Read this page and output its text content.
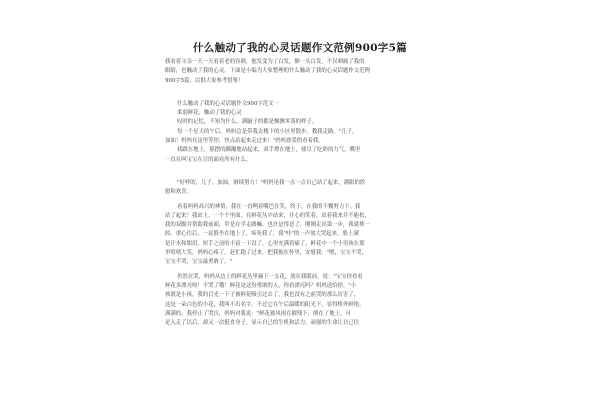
什么触动了我的心灵话题作文范例900字5篇

我看着父亲一天一天看着老的容颜，他发变为了白发，额一头白发，不仅刺痛了我的

眼睛，也触动了我的心灵。下面是小编为大家整理的什么触动了我的心灵话题作文范例

900字5篇，以供大家参考借鉴！

什么触动了我的心灵话题作文900字范文一

柔弱鲜花，触动了我的心灵

叹时的记忆，不知为什么，满脑子的都是飘飘零落的样子。

每一个星天的午后，妈妈总是带我去楼下的小区里散步，教我走路。"儿子，

加油！妈妈在这里等你，快点站起来走过来！"妈妈慈爱的看着我。

我跟在地上，摇摆的蹒跚地站起来，双手撑在地上，使尽了吃奶的力气，嘴里

一直在叫宝宝在目的面看所有什么。

"好样的，儿子，加油，继续努力！"妈妈见我一点一点自己站了起来，满眼的欣

慰和欢喜。

看着妈妈高兴的神情，我在一直咧着嘴巴在笑，终于，在我的不懈努力下，我

站了起来！我站上，一个个里面，在鲜花丛中站来，开心的笑着，站着我来并不能松，

我的双脚并帮助我前面，甲是在学走路嘛，也许是得意了，刚刚走出第一步，我就摔一

跤，重心往后，一屁股坐在地上了，疼死我了，我"哇"的一声放大哭起来，脸上满

是汗水和眼泪，短手之前的丰富一下没了，心里充满着痛了，鲜花中一个小男孩在那

里嘻嘻大笑，妈妈心疼了，赶忙跑了过来，把我抱在怀里，安慰我："嗯，宝宝不哭，

宝宝不哭，宝宝最勇敢了。"

仍然在哭，妈妈从边上的鲜花丛里摘下一支花，放在我眼前，说："宝宝你看看

鲜花多漂亮呀！不哭了哦！鲜花是这份勇敢的人，你看漂亮吗？妈妈送给你。"小

孩就是小孩，我的目光一下子被鲜花吸引过去了，我也没有之前哭的那么厉害了，

这是一朵白色的小花，我叫不出名字，不过它在午后温暖的阳光下，显得格外鲜艳，

满满的，我停止了哭泣，妈妈对我说："鲜花被风雨在摧残下，倒在了地上，可

是入走了以后，却又一次挺直身子，显示自己的生机和活力，顽强的生命让自己往
